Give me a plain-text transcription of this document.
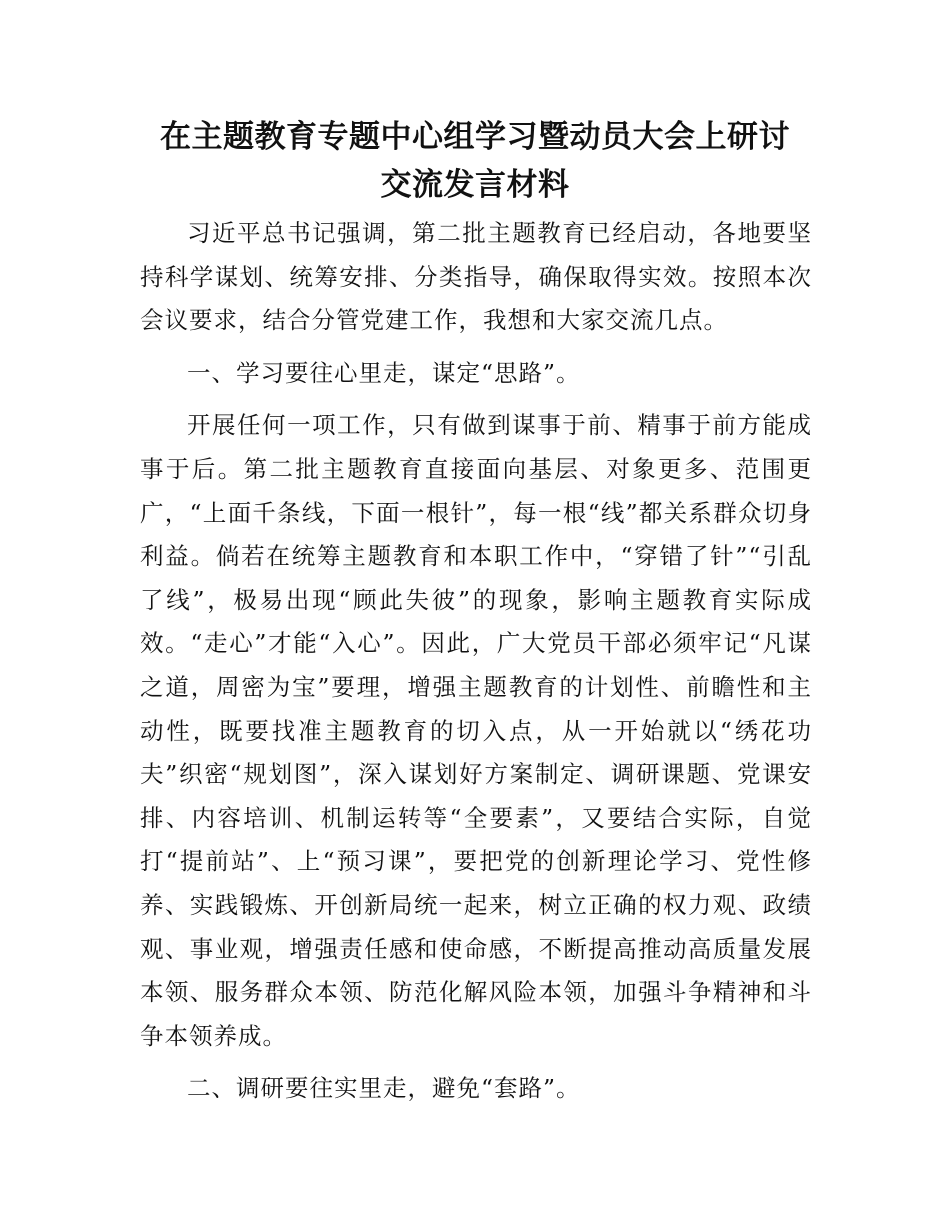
在主题教育专题中心组学习暨动员大会上研讨
交流发言材料

习近平总书记强调，第二批主题教育已经启动，各地要坚持科学谋划、统筹安排、分类指导，确保取得实效。按照本次会议要求，结合分管党建工作，我想和大家交流几点。

一、学习要往心里走，谋定“思路”。

开展任何一项工作，只有做到谋事于前、精事于前方能成事于后。第二批主题教育直接面向基层、对象更多、范围更广，“上面千条线，下面一根针”，每一根“线”都关系群众切身利益。倘若在统筹主题教育和本职工作中，“穿错了针”“引乱了线”，极易出现“顾此失彼”的现象，影响主题教育实际成效。“走心”才能“入心”。因此，广大党员干部必须牢记“凡谋之道，周密为宝”要理，增强主题教育的计划性、前瞻性和主动性，既要找准主题教育的切入点，从一开始就以“绣花功夫”织密“规划图”，深入谋划好方案制定、调研课题、党课安排、内容培训、机制运转等“全要素”，又要结合实际，自觉打“提前站”、上“预习课”，要把党的创新理论学习、党性修养、实践锻炼、开创新局统一起来，树立正确的权力观、政绩观、事业观，增强责任感和使命感，不断提高推动高质量发展本领、服务群众本领、防范化解风险本领，加强斗争精神和斗争本领养成。

二、调研要往实里走，避免“套路”。
